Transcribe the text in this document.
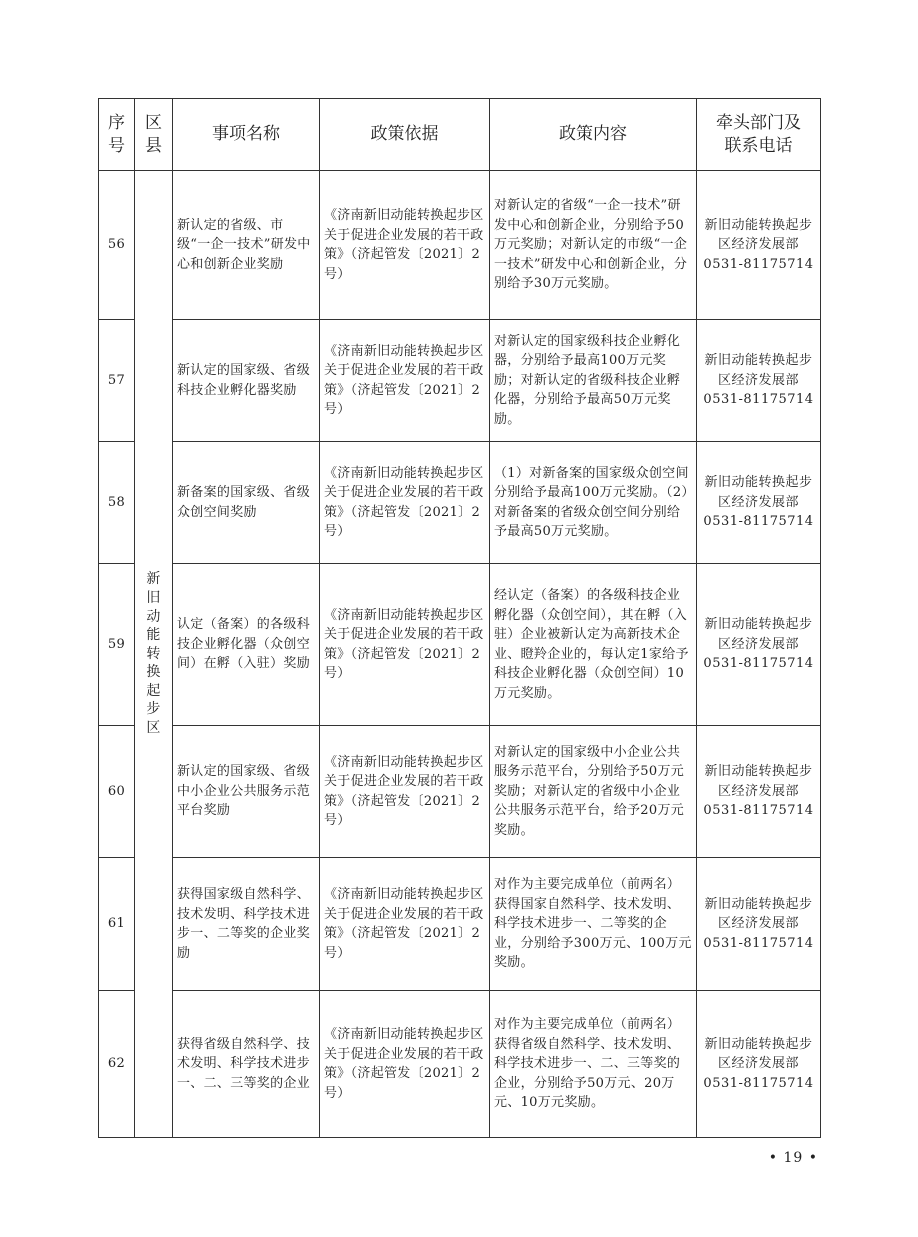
序号	区县	事项名称	政策依据	政策内容	牵头部门及联系电话
56	新旧动能转换起步区	新认定的省级、市级“一企一技术”研发中心和创新企业奖励	《济南新旧动能转换起步区关于促进企业发展的若干政策》（济起管发〔2021〕2号）	对新认定的省级“一企一技术”研发中心和创新企业，分别给予50万元奖励；对新认定的市级“一企一技术”研发中心和创新企业，分别给予30万元奖励。	新旧动能转换起步区经济发展部
0531-81175714

57		新认定的国家级、省级科技企业孵化器奖励	《济南新旧动能转换起步区关于促进企业发展的若干政策》（济起管发〔2021〕2号）	对新认定的国家级科技企业孵化器，分别给予最高100万元奖励；对新认定的省级科技企业孵化器，分别给予最高50万元奖励。	新旧动能转换起步区经济发展部
0531-81175714

58		新备案的国家级、省级众创空间奖励	《济南新旧动能转换起步区关于促进企业发展的若干政策》（济起管发〔2021〕2号）	（1）对新备案的国家级众创空间分别给予最高100万元奖励。（2）对新备案的省级众创空间分别给予最高50万元奖励。	新旧动能转换起步区经济发展部
0531-81175714

59		认定（备案）的各级科技企业孵化器（众创空间）在孵（入驻）奖励	《济南新旧动能转换起步区关于促进企业发展的若干政策》（济起管发〔2021〕2号）	经认定（备案）的各级科技企业孵化器（众创空间），其在孵（入驻）企业被新认定为高新技术企业、瞪羚企业的，每认定1家给予科技企业孵化器（众创空间）10万元奖励。	新旧动能转换起步区经济发展部
0531-81175714

60		新认定的国家级、省级中小企业公共服务示范平台奖励	《济南新旧动能转换起步区关于促进企业发展的若干政策》（济起管发〔2021〕2号）	对新认定的国家级中小企业公共服务示范平台，分别给予50万元奖励；对新认定的省级中小企业公共服务示范平台，给予20万元奖励。	新旧动能转换起步区经济发展部
0531-81175714

61		获得国家级自然科学、技术发明、科学技术进步一、二等奖的企业奖励	《济南新旧动能转换起步区关于促进企业发展的若干政策》（济起管发〔2021〕2号）	对作为主要完成单位（前两名）获得国家自然科学、技术发明、科学技术进步一、二等奖的企业，分别给予300万元、100万元奖励。	新旧动能转换起步区经济发展部
0531-81175714

62		获得省级自然科学、技术发明、科学技术进步一、二、三等奖的企业	《济南新旧动能转换起步区关于促进企业发展的若干政策》（济起管发〔2021〕2号）	对作为主要完成单位（前两名）获得省级自然科学、技术发明、科学技术进步一、二、三等奖的企业，分别给予50万元、20万元、10万元奖励。	新旧动能转换起步区经济发展部
0531-81175714
• 19 •
